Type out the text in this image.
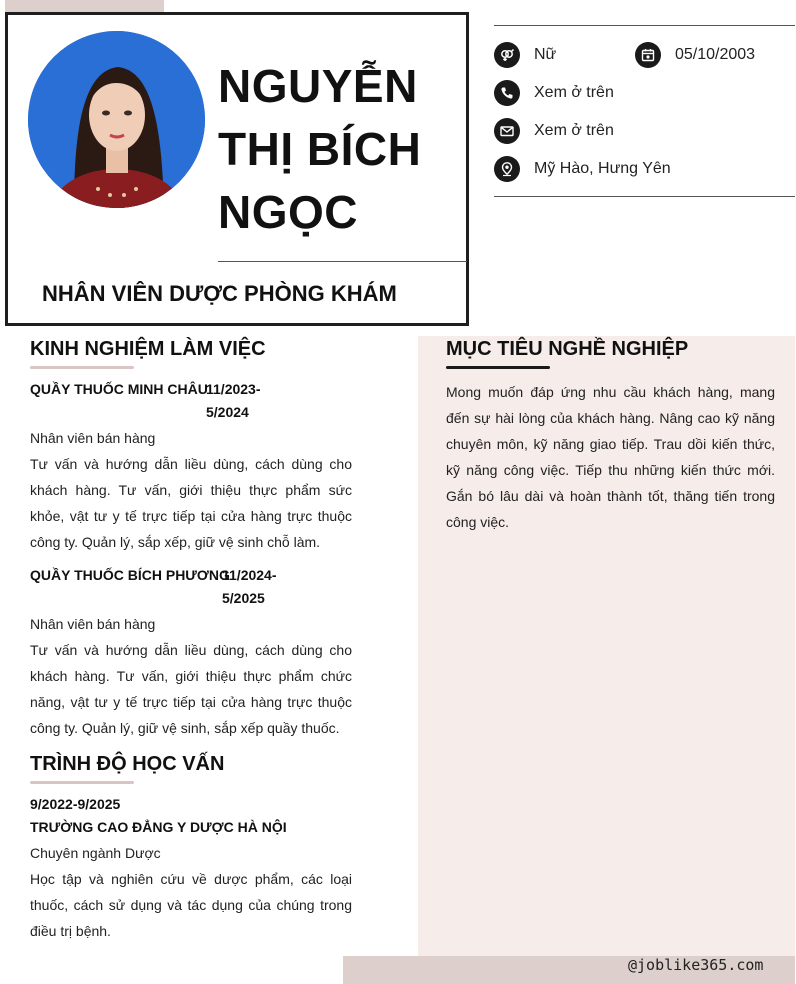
NGUYỄN
THỊ BÍCH
NGỌC
NHÂN VIÊN DƯỢC PHÒNG KHÁM
Nữ	05/10/2003
Xem ở trên
Xem ở trên
Mỹ Hào, Hưng Yên
@joblike365.com
KINH NGHIỆM LÀM VIỆC
QUẦY THUỐC MINH CHÂU
11/2023-
5/2024
Nhân viên bán hàng
Tư vấn và hướng dẫn liều dùng, cách dùng cho khách hàng. Tư vấn, giới thiệu thực phẩm sức khỏe, vật tư y tế trực tiếp tại cửa hàng trực thuộc công ty. Quản lý, sắp xếp, giữ vệ sinh chỗ làm.
QUẦY THUỐC BÍCH PHƯƠNG
11/2024-
5/2025
Nhân viên bán hàng
Tư vấn và hướng dẫn liều dùng, cách dùng cho khách hàng. Tư vấn, giới thiệu thực phẩm chức năng, vật tư y tế trực tiếp tại cửa hàng trực thuộc công ty. Quản lý, giữ vệ sinh, sắp xếp quầy thuốc.
TRÌNH ĐỘ HỌC VẤN
9/2022-9/2025
TRƯỜNG CAO ĐẲNG Y DƯỢC HÀ NỘI
Chuyên ngành Dược
Học tập và nghiên cứu về dược phẩm, các loại thuốc, cách sử dụng và tác dụng của chúng trong điều trị bệnh.
MỤC TIÊU NGHỀ NGHIỆP
Mong muốn đáp ứng nhu cầu khách hàng, mang đến sự hài lòng của khách hàng. Nâng cao kỹ năng chuyên môn, kỹ năng giao tiếp. Trau dồi kiến thức, kỹ năng công việc. Tiếp thu những kiến thức mới. Gắn bó lâu dài và hoàn thành tốt, thăng tiến trong công việc.
